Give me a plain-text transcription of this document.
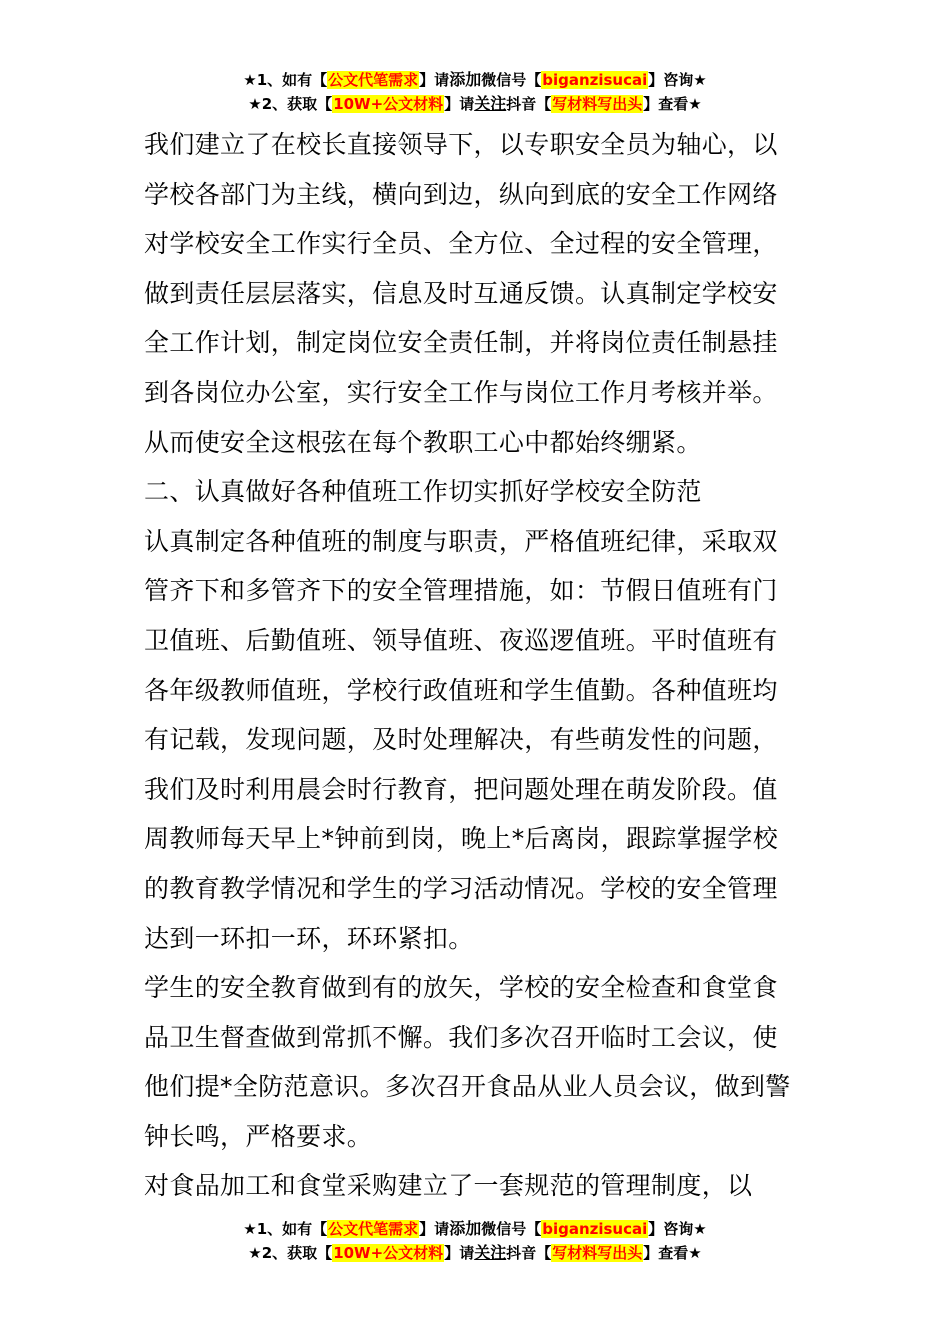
★1、如有【公文代笔需求】请添加微信号【biganzisucai】咨询★
★2、获取【10W+公文材料】请关注抖音【写材料写出头】查看★
我们建立了在校长直接领导下，以专职安全员为轴心，以
学校各部门为主线，横向到边，纵向到底的安全工作网络
对学校安全工作实行全员、全方位、全过程的安全管理，
做到责任层层落实，信息及时互通反馈。认真制定学校安
全工作计划，制定岗位安全责任制，并将岗位责任制悬挂
到各岗位办公室，实行安全工作与岗位工作月考核并举。
从而使安全这根弦在每个教职工心中都始终绷紧。
二、认真做好各种值班工作切实抓好学校安全防范
认真制定各种值班的制度与职责，严格值班纪律，采取双
管齐下和多管齐下的安全管理措施，如：节假日值班有门
卫值班、后勤值班、领导值班、夜巡逻值班。平时值班有
各年级教师值班，学校行政值班和学生值勤。各种值班均
有记载，发现问题，及时处理解决，有些萌发性的问题，
我们及时利用晨会时行教育，把问题处理在萌发阶段。值
周教师每天早上*钟前到岗，晚上*后离岗，跟踪掌握学校
的教育教学情况和学生的学习活动情况。学校的安全管理
达到一环扣一环，环环紧扣。
学生的安全教育做到有的放矢，学校的安全检查和食堂食
品卫生督查做到常抓不懈。我们多次召开临时工会议，使
他们提*全防范意识。多次召开食品从业人员会议，做到警
钟长鸣，严格要求。
对食品加工和食堂采购建立了一套规范的管理制度，以
★1、如有【公文代笔需求】请添加微信号【biganzisucai】咨询★
★2、获取【10W+公文材料】请关注抖音【写材料写出头】查看★
